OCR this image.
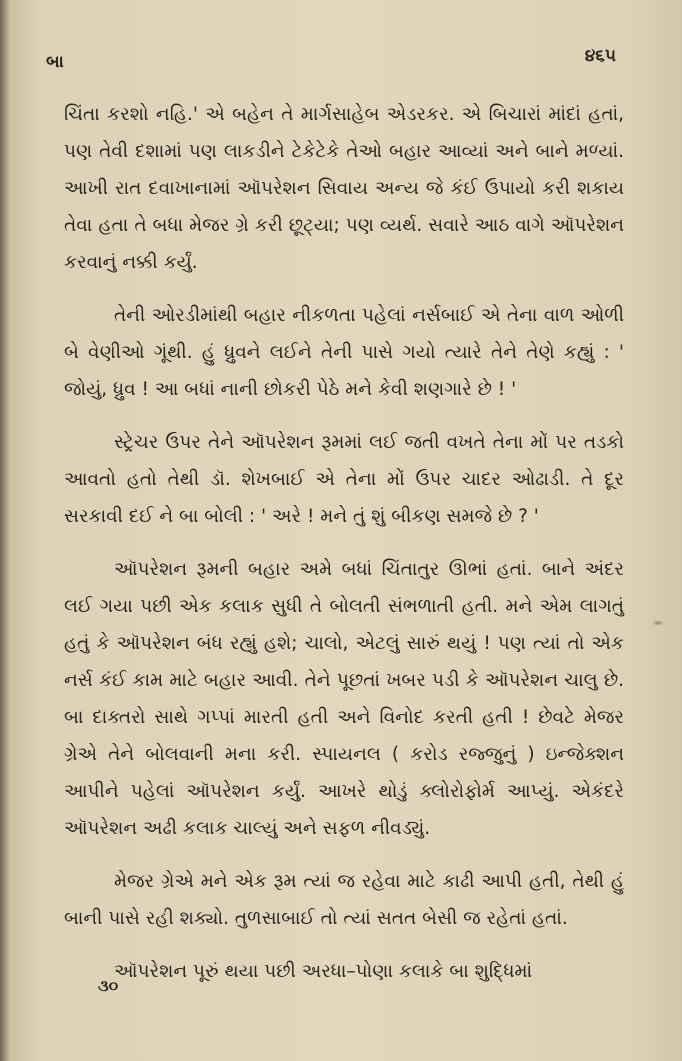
બા	૪૬૫

ચિંતા કરશો નહિ.' એ બહેન તે માર્ગસાહેબ એડરકર. એ બિચારાં માંદાં હતાં, પણ તેવી દશામાં પણ લાકડીને ટેકેટેકે તેઓ બહાર આવ્યાં અને બાને મળ્યાં. આખી રાત દવાખાનામાં ઑપરેશન સિવાય અન્ય જે કંઈ ઉપાયો કરી શકાય તેવા હતા તે બધા મેજર ગ્રે કરી છૂટ્યા; પણ વ્યર્થ. સવારે આઠ વાગે ઑપરેશન કરવાનું નક્કી કર્યું.

તેની ઓરડીમાંથી બહાર નીકળતા પહેલાં નર્સબાઈ એ તેના વાળ ઓળી બે વેણીઓ ગૂંથી. હું ધ્રુવને લઈને તેની પાસે ગયો ત્યારે તેને તેણે કહ્યું : ' જોયું, ધ્રુવ ! આ બધાં નાની છોકરી પેઠે મને કેવી શણગારે છે ! '

સ્ટ્રેચર ઉપર તેને ઑપરેશન રૂમમાં લઈ જતી વખતે તેના મોં પર તડકો આવતો હતો તેથી ડૉ. શેખબાઈ એ તેના મોં ઉપર ચાદર ઓઢાડી. તે દૂર સરકાવી દઈ ને બા બોલી : ' અરે ! મને તું શું બીકણ સમજે છે ? '

ઑપરેશન રૂમની બહાર અમે બધાં ચિંતાતુર ઊભાં હતાં. બાને અંદર લઈ ગયા પછી એક કલાક સુધી તે બોલતી સંભળાતી હતી. મને એમ લાગતું હતું કે ઑપરેશન બંધ રહ્યું હશે; ચાલો, એટલું સારું થયું ! પણ ત્યાં તો એક નર્સ કંઈ કામ માટે બહાર આવી. તેને પૂછતાં ખબર પડી કે ઑપરેશન ચાલુ છે. બા દાક્તરો સાથે ગપ્પાં મારતી હતી અને વિનોદ કરતી હતી ! છેવટે મેજર ગ્રેએ તેને બોલવાની મના કરી. સ્પાયનલ ( કરોડ રજ્જુનું ) ઇન્જેક્શન આપીને પહેલાં ઑપરેશન કર્યું. આખરે થોડું ક્લોરોફોર્મ આપ્યું. એકંદરે ઑપરેશન અઢી કલાક ચાલ્યું અને સફળ નીવડ્યું.

મેજર ગ્રેએ મને એક રૂમ ત્યાં જ રહેવા માટે કાઢી આપી હતી, તેથી હું બાની પાસે રહી શક્યો. તુળસાબાઈ તો ત્યાં સતત બેસી જ રહેતાં હતાં.

ઑપરેશન પૂરું થયા પછી અરધા–પોણા કલાકે બા શુદ્ધિમાં

૩૦
